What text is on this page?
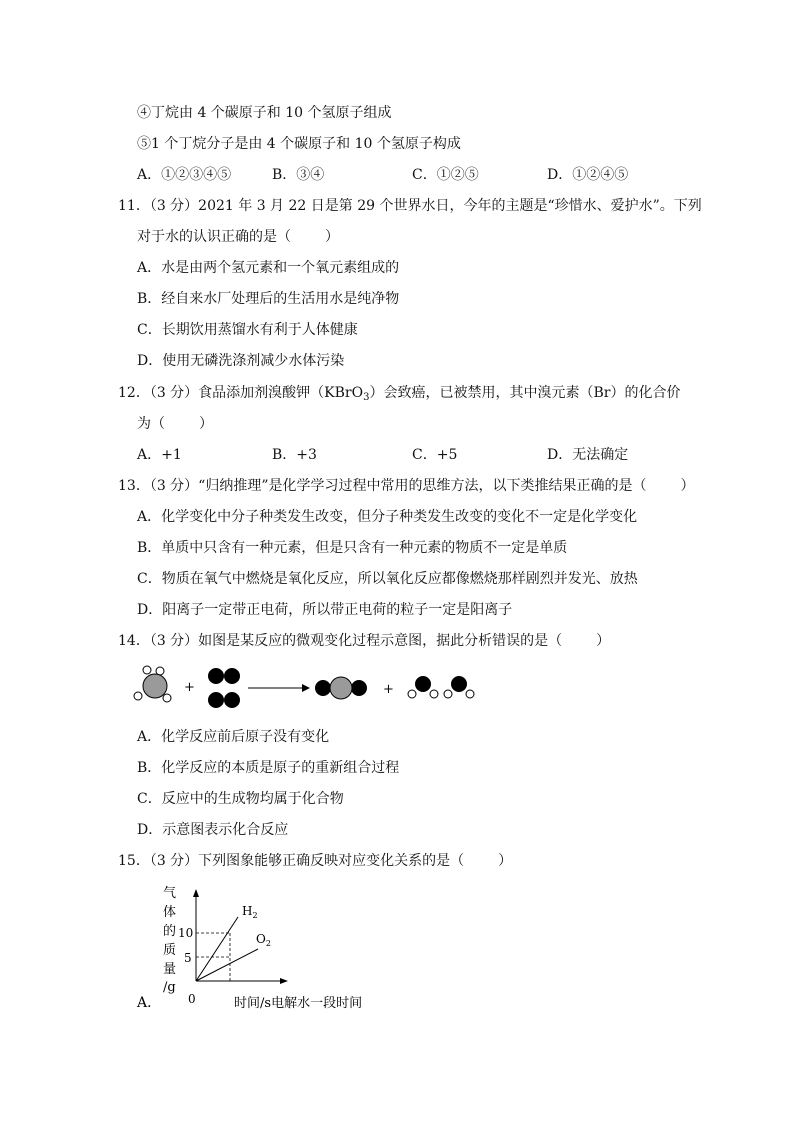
④丁烷由 4 个碳原子和 10 个氢原子组成
⑤1 个丁烷分子是由 4 个碳原子和 10 个氢原子构成
A．①②③④⑤	B．③④	C．①②⑤	D．①②④⑤
11．（3 分）2021 年 3 月 22 日是第 29 个世界水日，今年的主题是“珍惜水、爱护水”。下列
对于水的认识正确的是（ ）
A．水是由两个氢元素和一个氧元素组成的
B．经自来水厂处理后的生活用水是纯净物
C．长期饮用蒸馏水有利于人体健康
D．使用无磷洗涤剂减少水体污染
12．（3 分）食品添加剂溴酸钾（KBrO$_3$）会致癌，已被禁用，其中溴元素（Br）的化合价
为（ ）
A．+1	B．+3	C．+5	D．无法确定
13．（3 分）“归纳推理”是化学学习过程中常用的思维方法，以下类推结果正确的是（ ）
A．化学变化中分子种类发生改变，但分子种类发生改变的变化不一定是化学变化
B．单质中只含有一种元素，但是只含有一种元素的物质不一定是单质
C．物质在氧气中燃烧是氧化反应，所以氧化反应都像燃烧那样剧烈并发光、放热
D．阳离子一定带正电荷，所以带正电荷的粒子一定是阳离子
14．（3 分）如图是某反应的微观变化过程示意图，据此分析错误的是（ ）
+	+
A．化学反应前后原子没有变化
B．化学反应的本质是原子的重新组合过程
C．反应中的生成物均属于化合物
D．示意图表示化合反应
15．（3 分）下列图象能够正确反映对应变化关系的是（ ）
气
体
的
质
量
/g
10
5
0
$H_2$
$O_2$
时间/s电解水一段时间
A．
